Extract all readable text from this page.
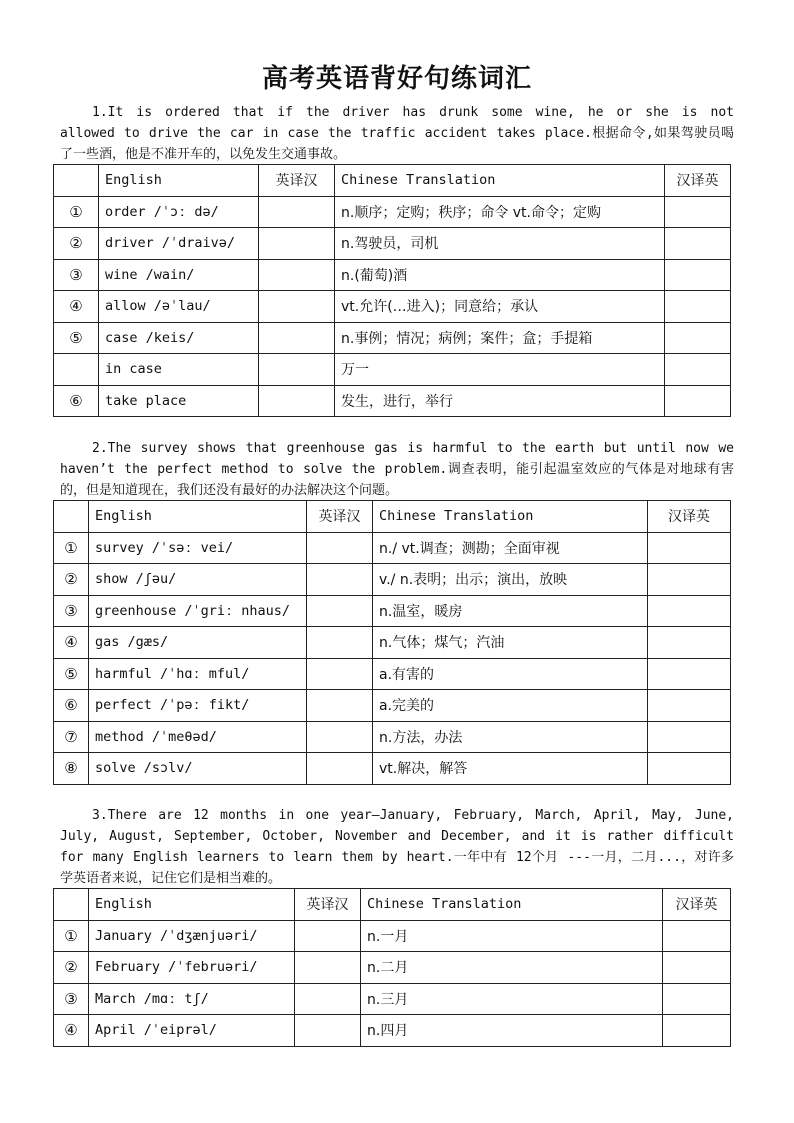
高考英语背好句练词汇
1.It is ordered that if the driver has drunk some wine, he or she is not allowed to drive the car in case the traffic accident takes place.根据命令,如果驾驶员喝了一些酒，他是不准开车的，以免发生交通事故。
	English	英译汉	Chinese Translation	汉译英
①	order /ˈɔː də/		n.顺序；定购；秩序；命令 vt.命令；定购	
②	driver /ˈdraivə/		n.驾驶员，司机	
③	wine /wain/		n.(葡萄)酒	
④	allow /əˈlau/		vt.允许(…进入)；同意给；承认	
⑤	case /keis/		n.事例；情况；病例；案件；盒；手提箱	
	in case		万一	
⑥	take place		发生，进行，举行	
2.The survey shows that greenhouse gas is harmful to the earth but until now we haven’t the perfect method to solve the problem.调查表明，能引起温室效应的气体是对地球有害的，但是知道现在，我们还没有最好的办法解决这个问题。
	English	英译汉	Chinese Translation	汉译英
①	survey /ˈsəː vei/		n./ vt.调查；测勘；全面审视	
②	show /ʃəu/		v./ n.表明；出示；演出，放映	
③	greenhouse /ˈgriː nhaus/		n.温室，暖房	
④	gas /gæs/		n.气体；煤气；汽油	
⑤	harmful /ˈhɑː mful/		a.有害的	
⑥	perfect /ˈpəː fikt/		a.完美的	
⑦	method /ˈmeθəd/		n.方法，办法	
⑧	solve /sɔlv/		vt.解决，解答	
3.There are 12 months in one year—January, February, March, April, May, June, July, August, September, October, November and December, and it is rather difficult for many English learners to learn them by heart.一年中有 12个月 ---一月，二月...，对许多学英语者来说，记住它们是相当难的。
	English	英译汉	Chinese Translation	汉译英
①	January /ˈdʒænjuəri/		n.一月	
②	February /ˈfebruəri/		n.二月	
③	March /mɑː tʃ/		n.三月	
④	April /ˈeiprəl/		n.四月	
